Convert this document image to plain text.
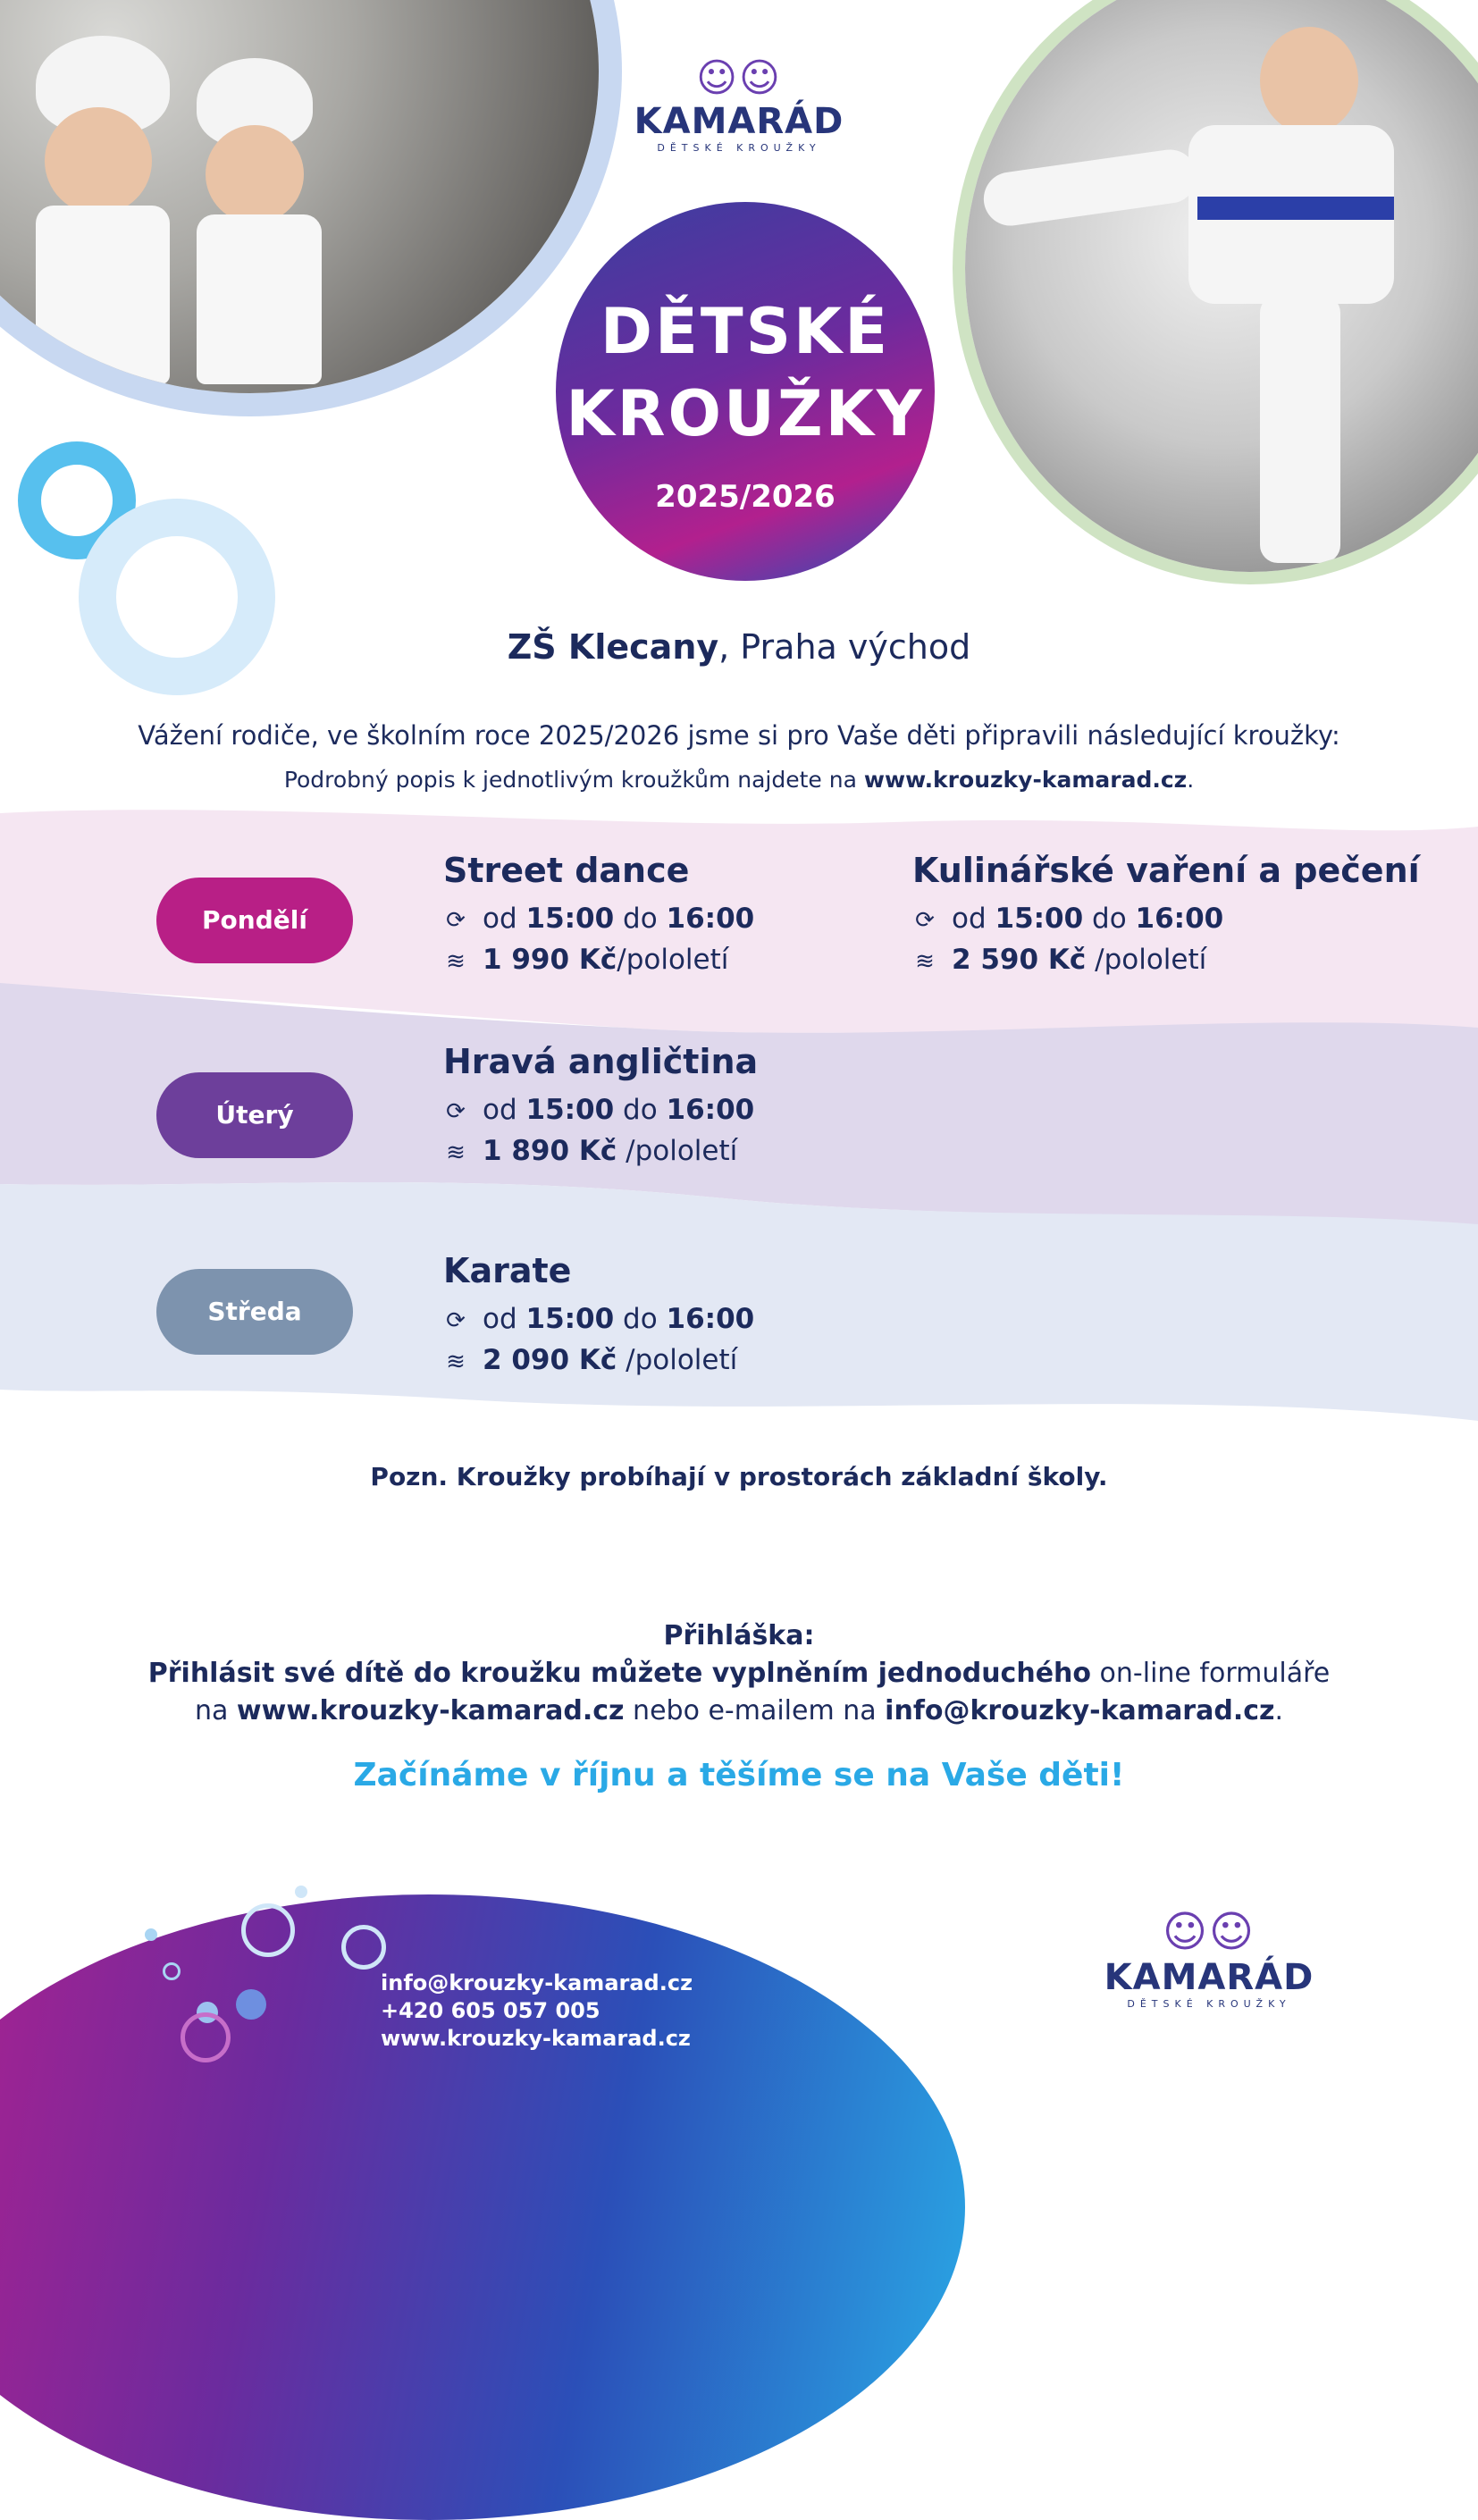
☺☺
KAMARÁD
DĚTSKÉ KROUŽKY
DĚTSKÉ
KROUŽKY
2025/2026
ZŠ Klecany, Praha východ
Vážení rodiče, ve školním roce 2025/2026 jsme si pro Vaše děti připravili následující kroužky:
Podrobný popis k jednotlivým kroužkům najdete na www.krouzky-kamarad.cz.
Pondělí
Street dance
⟳ od 15:00 do 16:00
≋ 1 990 Kč/pololetí
Kulinářské vaření a pečení
⟳ od 15:00 do 16:00
≋ 2 590 Kč /pololetí
Úterý
Hravá angličtina
⟳ od 15:00 do 16:00
≋ 1 890 Kč /pololetí
Středa
Karate
⟳ od 15:00 do 16:00
≋ 2 090 Kč /pololetí
Pozn. Kroužky probíhají v prostorách základní školy.
Přihláška:
Přihlásit své dítě do kroužku můžete vyplněním jednoduchého on-line formuláře
na www.krouzky-kamarad.cz nebo e-mailem na info@krouzky-kamarad.cz.
Začínáme v říjnu a těšíme se na Vaše děti!
info@krouzky-kamarad.cz
+420 605 057 005
www.krouzky-kamarad.cz
☺☺
KAMARÁD
DĚTSKÉ KROUŽKY
